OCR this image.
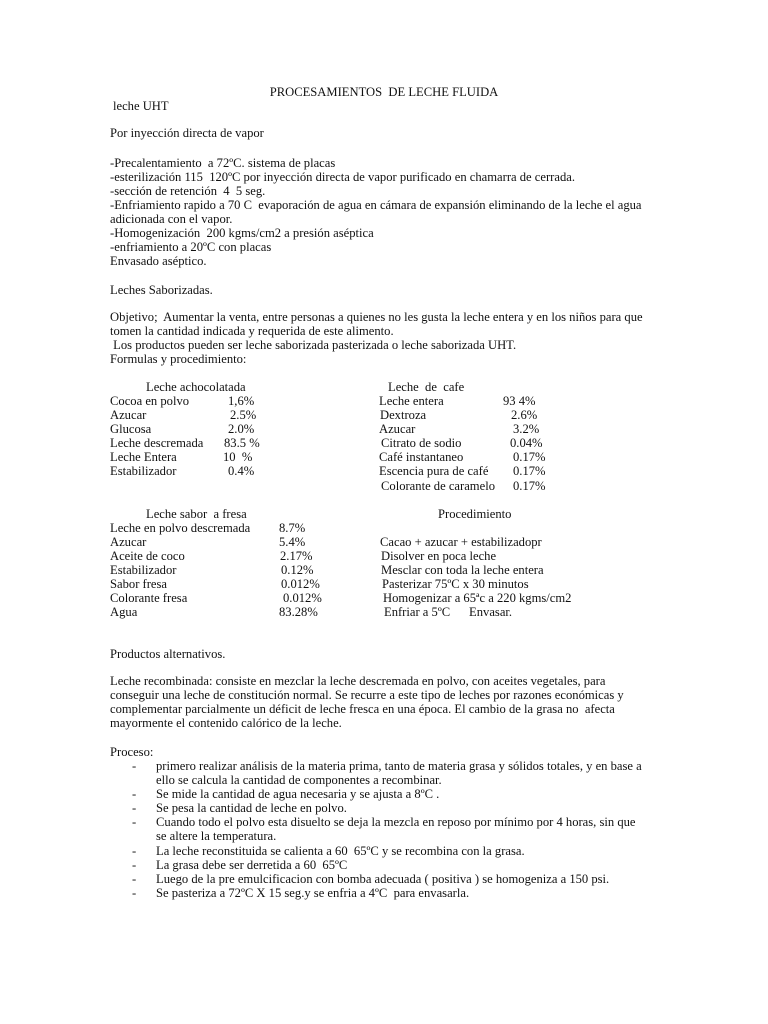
PROCESAMIENTOS  DE LECHE FLUIDA
leche UHT
Por inyección directa de vapor
-Precalentamiento  a 72ºC. sistema de placas
-esterilización 115  120ºC por inyección directa de vapor purificado en chamarra de cerrada.
-sección de retención  4  5 seg.
-Enfriamiento rapido a 70 C  evaporación de agua en cámara de expansión eliminando de la leche el agua
adicionada con el vapor.
-Homogenización  200 kgms/cm2 a presión aséptica
-enfriamiento a 20ºC con placas
Envasado aséptico.
Leches Saborizadas.
Objetivo;  Aumentar la venta, entre personas a quienes no les gusta la leche entera y en los niños para que
tomen la cantidad indicada y requerida de este alimento.
Los productos pueden ser leche saborizada pasterizada o leche saborizada UHT.
Formulas y procedimiento:
Leche achocolatada
Cocoa en polvo	1,6%
Azucar	2.5%
Glucosa	2.0%
Leche descremada 83.5 %
Leche Entera	10  %
Estabilizador	0.4%
Leche  de  cafe
Leche entera	93 4%
Dextroza	2.6%
Azucar	3.2%
Citrato de sodio	0.04%
Café instantaneo	0.17%
Escencia pura de café 0.17%
Colorante de caramelo 0.17%
Leche sabor  a fresa
Leche en polvo descremada 8.7%
Azucar	5.4%
Aceite de coco	2.17%
Estabilizador	0.12%
Sabor fresa	0.012%
Colorante fresa	0.012%
Agua	83.28%
Procedimiento
Cacao + azucar + estabilizadopr
Disolver en poca leche
Mesclar con toda la leche entera
Pasterizar 75ºC x 30 minutos
Homogenizar a 65ªc a 220 kgms/cm2
Enfriar a 5ºC      Envasar.
Productos alternativos.
Leche recombinada: consiste en mezclar la leche descremada en polvo, con aceites vegetales, para
conseguir una leche de constitución normal. Se recurre a este tipo de leches por razones económicas y
complementar parcialmente un déficit de leche fresca en una época. El cambio de la grasa no  afecta
mayormente el contenido calórico de la leche.
Proceso:
- primero realizar análisis de la materia prima, tanto de materia grasa y sólidos totales, y en base a
ello se calcula la cantidad de componentes a recombinar.
- Se mide la cantidad de agua necesaria y se ajusta a 8ºC .
- Se pesa la cantidad de leche en polvo.
- Cuando todo el polvo esta disuelto se deja la mezcla en reposo por mínimo por 4 horas, sin que
se altere la temperatura.
- La leche reconstituida se calienta a 60  65ºC y se recombina con la grasa.
- La grasa debe ser derretida a 60  65ºC
- Luego de la pre emulcificacion con bomba adecuada ( positiva ) se homogeniza a 150 psi.
- Se pasteriza a 72ºC X 15 seg.y se enfria a 4ºC  para envasarla.
